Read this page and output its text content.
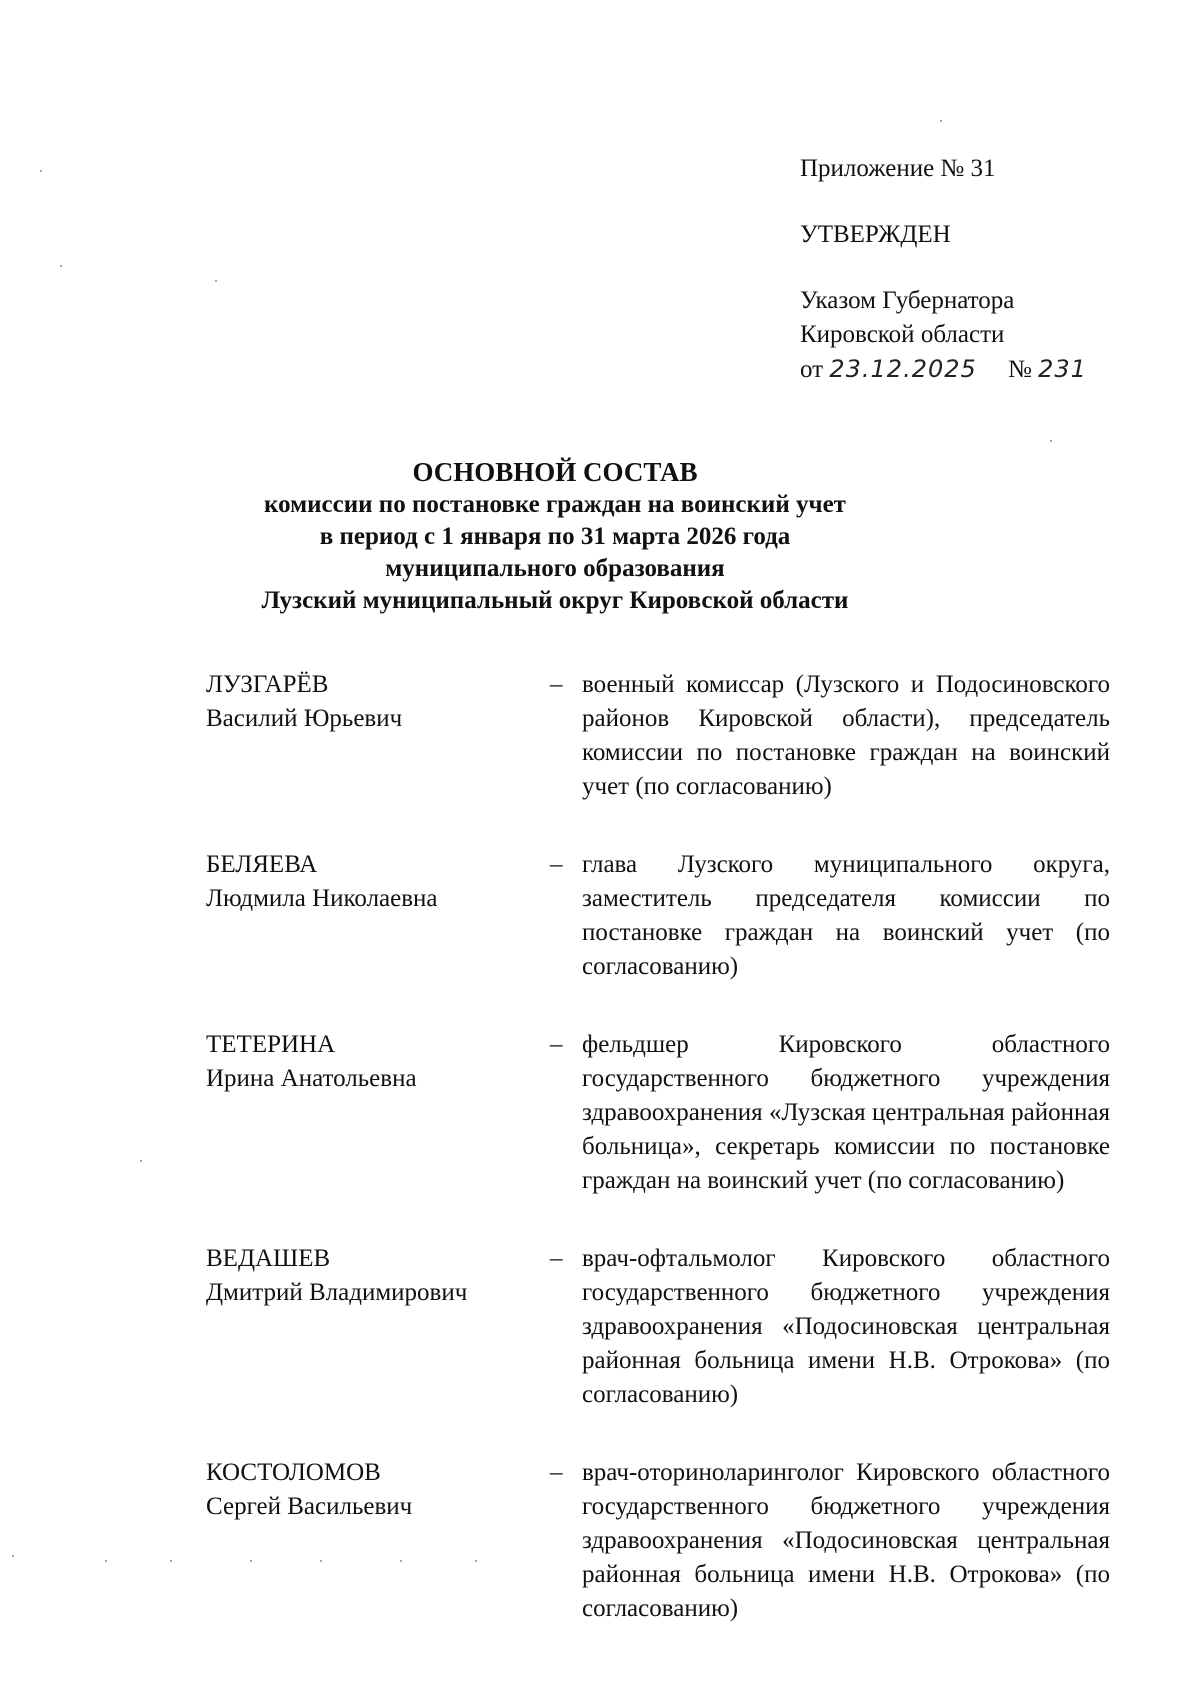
Приложение № 31

УТВЕРЖДЕН

Указом Губернатора

Кировской области

от 23.12.2025 № 231

ОСНОВНОЙ СОСТАВ
комиссии по постановке граждан на воинский учет
в период с 1 января по 31 марта 2026 года
муниципального образования
Лузский муниципальный округ Кировской области
ЛУЗГАРЁВ
Василий Юрьевич
– военный комиссар (Лузского и Подосиновского районов Кировской области), председатель комиссии по постановке граждан на воинский учет (по согласованию)
БЕЛЯЕВА
Людмила Николаевна
– глава Лузского муниципального округа, заместитель председателя комиссии по постановке граждан на воинский учет (по согласованию)
ТЕТЕРИНА
Ирина Анатольевна
– фельдшер Кировского областного государственного бюджетного учреждения здравоохранения «Лузская центральная районная больница», секретарь комиссии по постановке граждан на воинский учет (по согласованию)
ВЕДАШЕВ
Дмитрий Владимирович
– врач-офтальмолог Кировского областного государственного бюджетного учреждения здравоохранения «Подосиновская центральная районная больница имени Н.В. Отрокова» (по согласованию)
КОСТОЛОМОВ
Сергей Васильевич
– врач-оториноларинголог Кировского областного государственного бюджетного учреждения здравоохранения «Подосиновская центральная районная больница имени Н.В. Отрокова» (по согласованию)
